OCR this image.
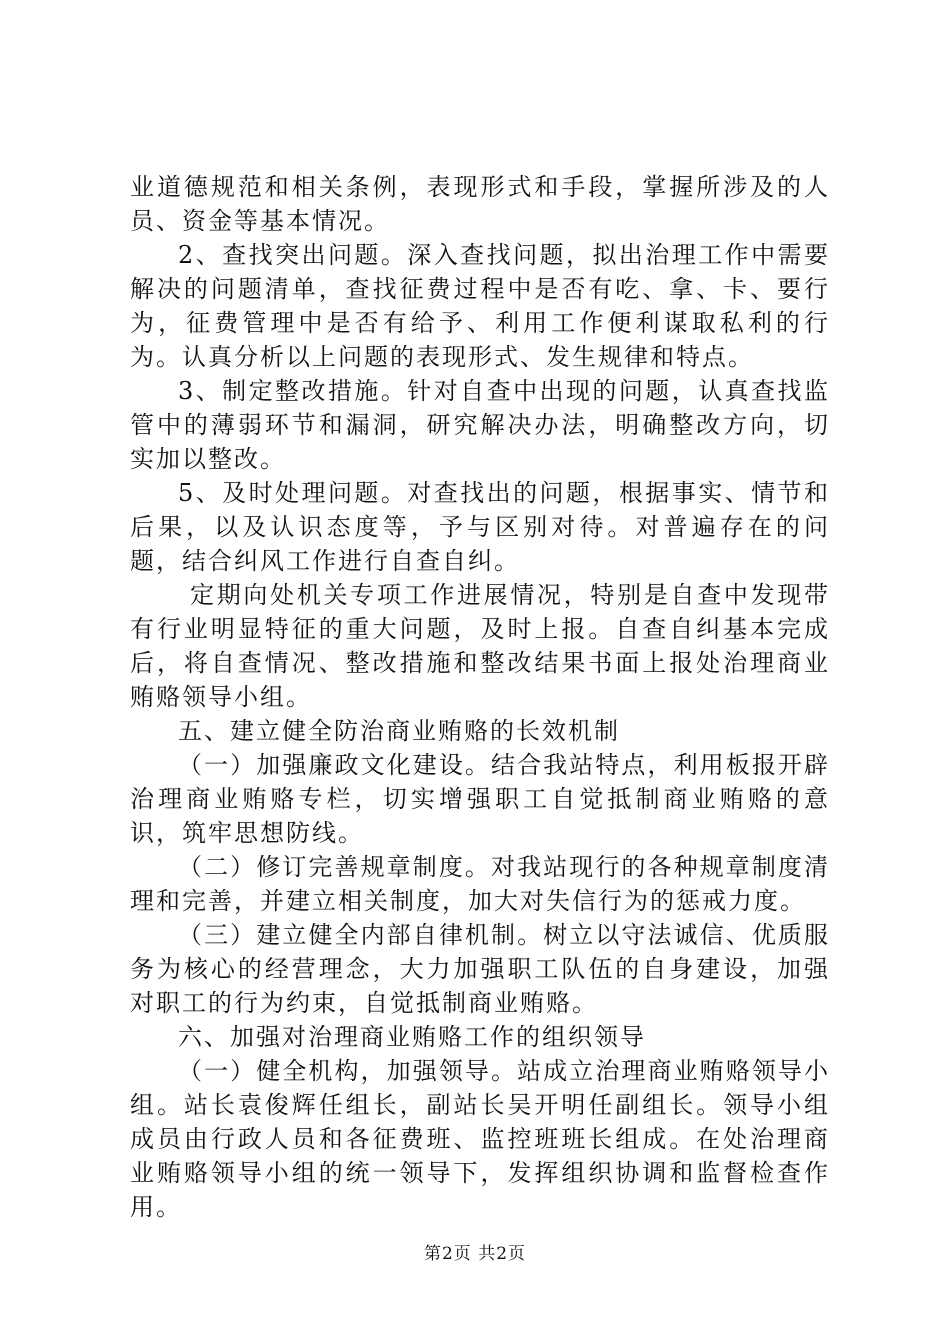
业道德规范和相关条例，表现形式和手段，掌握所涉及的人员、资金等基本情况。

2、查找突出问题。深入查找问题，拟出治理工作中需要解决的问题清单，查找征费过程中是否有吃、拿、卡、要行为，征费管理中是否有给予、利用工作便利谋取私利的行为。认真分析以上问题的表现形式、发生规律和特点。

3、制定整改措施。针对自查中出现的问题，认真查找监管中的薄弱环节和漏洞，研究解决办法，明确整改方向，切实加以整改。

5、及时处理问题。对查找出的问题，根据事实、情节和后果，以及认识态度等，予与区别对待。对普遍存在的问题，结合纠风工作进行自查自纠。

定期向处机关专项工作进展情况，特别是自查中发现带有行业明显特征的重大问题，及时上报。自查自纠基本完成后，将自查情况、整改措施和整改结果书面上报处治理商业贿赂领导小组。

五、建立健全防治商业贿赂的长效机制

（一）加强廉政文化建设。结合我站特点，利用板报开辟治理商业贿赂专栏，切实增强职工自觉抵制商业贿赂的意识，筑牢思想防线。

（二）修订完善规章制度。对我站现行的各种规章制度清理和完善，并建立相关制度，加大对失信行为的惩戒力度。

（三）建立健全内部自律机制。树立以守法诚信、优质服务为核心的经营理念，大力加强职工队伍的自身建设，加强对职工的行为约束，自觉抵制商业贿赂。

六、加强对治理商业贿赂工作的组织领导

（一）健全机构，加强领导。站成立治理商业贿赂领导小组。站长袁俊辉任组长，副站长吴开明任副组长。领导小组成员由行政人员和各征费班、监控班班长组成。在处治理商业贿赂领导小组的统一领导下，发挥组织协调和监督检查作用。

第2页 共2页
